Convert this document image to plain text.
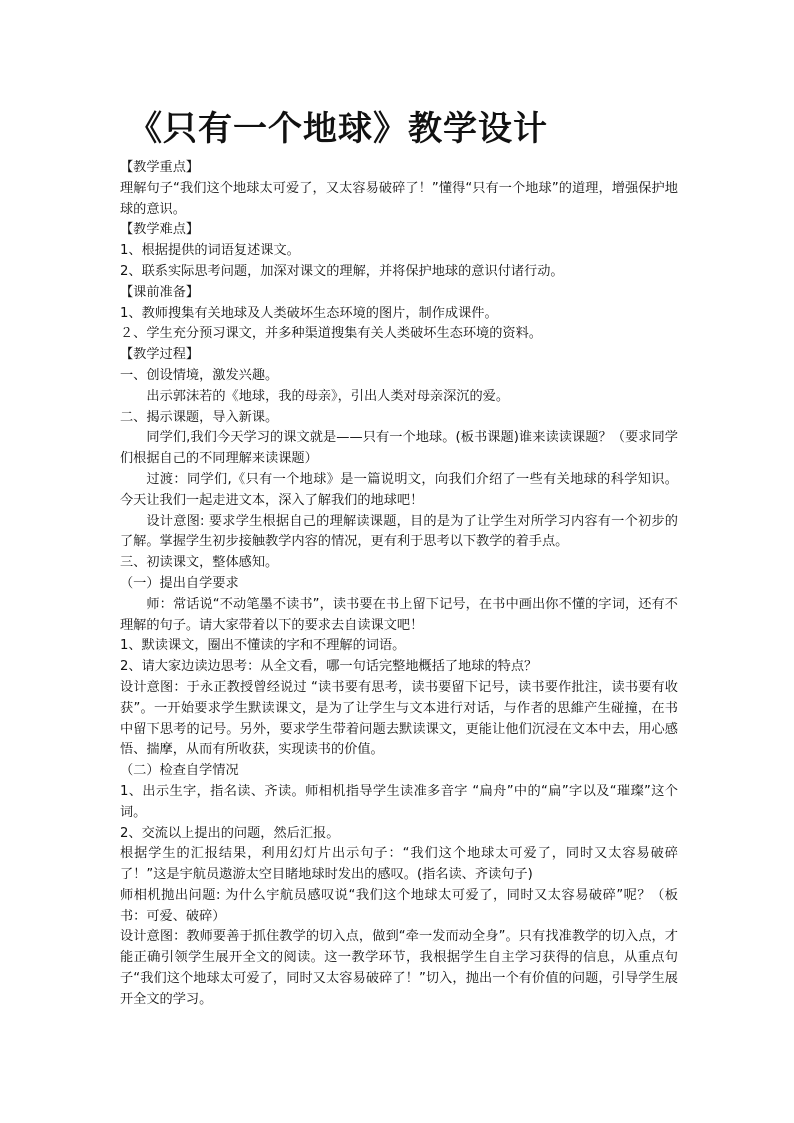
《只有一个地球》教学设计

【教学重点】

理解句子“我们这个地球太可爱了，又太容易破碎了！”懂得“只有一个地球”的道理，增强保护地球的意识。

【教学难点】

1、根据提供的词语复述课文。

2、联系实际思考问题，加深对课文的理解，并将保护地球的意识付诸行动。

【课前准备】

1、教师搜集有关地球及人类破坏生态环境的图片，制作成课件。

２、学生充分预习课文，并多种渠道搜集有关人类破坏生态环境的资料。

【教学过程】

一、创设情境，激发兴趣。

出示郭沫若的《地球，我的母亲》，引出人类对母亲深沉的爱。

二、揭示课题，导入新课。

同学们,我们今天学习的课文就是——只有一个地球。(板书课题)谁来读读课题？（要求同学们根据自己的不同理解来读课题）

过渡：同学们,《只有一个地球》是一篇说明文，向我们介绍了一些有关地球的科学知识。今天让我们一起走进文本，深入了解我们的地球吧！

设计意图: 要求学生根据自己的理解读课题，目的是为了让学生对所学习内容有一个初步的了解。掌握学生初步接触教学内容的情况，更有利于思考以下教学的着手点。

三、初读课文，整体感知。

（一）提出自学要求

师：常话说“不动笔墨不读书”，读书要在书上留下记号，在书中画出你不懂的字词，还有不理解的句子。请大家带着以下的要求去自读课文吧！

1、默读课文，圈出不懂读的字和不理解的词语。

2、请大家边读边思考：从全文看，哪一句话完整地概括了地球的特点？

设计意图：于永正教授曾经说过 “读书要有思考，读书要留下记号，读书要作批注，读书要有收获”。一开始要求学生默读课文，是为了让学生与文本进行对话，与作者的思維产生碰撞，在书中留下思考的记号。另外，要求学生带着问题去默读课文，更能让他们沉浸在文本中去，用心感悟、揣摩，从而有所收获，实现读书的价值。

（二）检查自学情况

1、出示生字，指名读、齐读。师相机指导学生读准多音字 “扁舟”中的“扁”字以及“璀璨”这个词。

2、交流以上提出的问题，然后汇报。

根据学生的汇报结果，利用幻灯片出示句子：“我们这个地球太可爱了，同时又太容易破碎了！”这是宇航员遨游太空目睹地球时发出的感叹。(指名读、齐读句子)

师相机抛出问题: 为什么宇航员感叹说“我们这个地球太可爱了，同时又太容易破碎”呢？（板书：可爱、破碎）

设计意图：教师要善于抓住教学的切入点，做到“牵一发而动全身”。只有找准教学的切入点，才能正确引领学生展开全文的阅读。这一教学环节，我根据学生自主学习获得的信息，从重点句子“我们这个地球太可爱了，同时又太容易破碎了！”切入，抛出一个有价值的问题，引导学生展开全文的学习。
